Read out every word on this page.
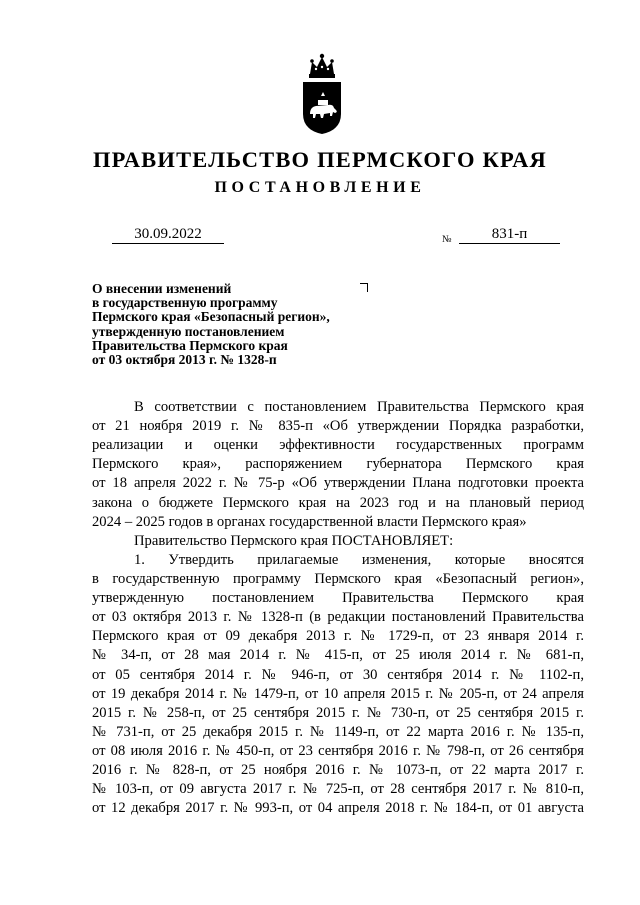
ПРАВИТЕЛЬСТВО ПЕРМСКОГО КРАЯ
ПОСТАНОВЛЕНИЕ
30.09.2022	№	831-п
О внесении изменений
в государственную программу
Пермского края «Безопасный регион»,
утвержденную постановлением
Правительства Пермского края
от 03 октября 2013 г. № 1328-п
В соответствии с постановлением Правительства Пермского края
от 21 ноября 2019 г. № 835-п «Об утверждении Порядка разработки,
реализации и оценки эффективности государственных программ
Пермского края», распоряжением губернатора Пермского края
от 18 апреля 2022 г. № 75-р «Об утверждении Плана подготовки проекта
закона о бюджете Пермского края на 2023 год и на плановый период
2024 – 2025 годов в органах государственной власти Пермского края»
Правительство Пермского края ПОСТАНОВЛЯЕТ:
1. Утвердить прилагаемые изменения, которые вносятся
в государственную программу Пермского края «Безопасный регион»,
утвержденную постановлением Правительства Пермского края
от 03 октября 2013 г. № 1328-п (в редакции постановлений Правительства
Пермского края от 09 декабря 2013 г. № 1729-п, от 23 января 2014 г.
№ 34-п, от 28 мая 2014 г. № 415-п, от 25 июля 2014 г. № 681-п,
от 05 сентября 2014 г. № 946-п, от 30 сентября 2014 г. № 1102-п,
от 19 декабря 2014 г. № 1479-п, от 10 апреля 2015 г. № 205-п, от 24 апреля
2015 г. № 258-п, от 25 сентября 2015 г. № 730-п, от 25 сентября 2015 г.
№ 731-п, от 25 декабря 2015 г. № 1149-п, от 22 марта 2016 г. № 135-п,
от 08 июля 2016 г. № 450-п, от 23 сентября 2016 г. № 798-п, от 26 сентября
2016 г. № 828-п, от 25 ноября 2016 г. № 1073-п, от 22 марта 2017 г.
№ 103-п, от 09 августа 2017 г. № 725-п, от 28 сентября 2017 г. № 810-п,
от 12 декабря 2017 г. № 993-п, от 04 апреля 2018 г. № 184-п, от 01 августа
